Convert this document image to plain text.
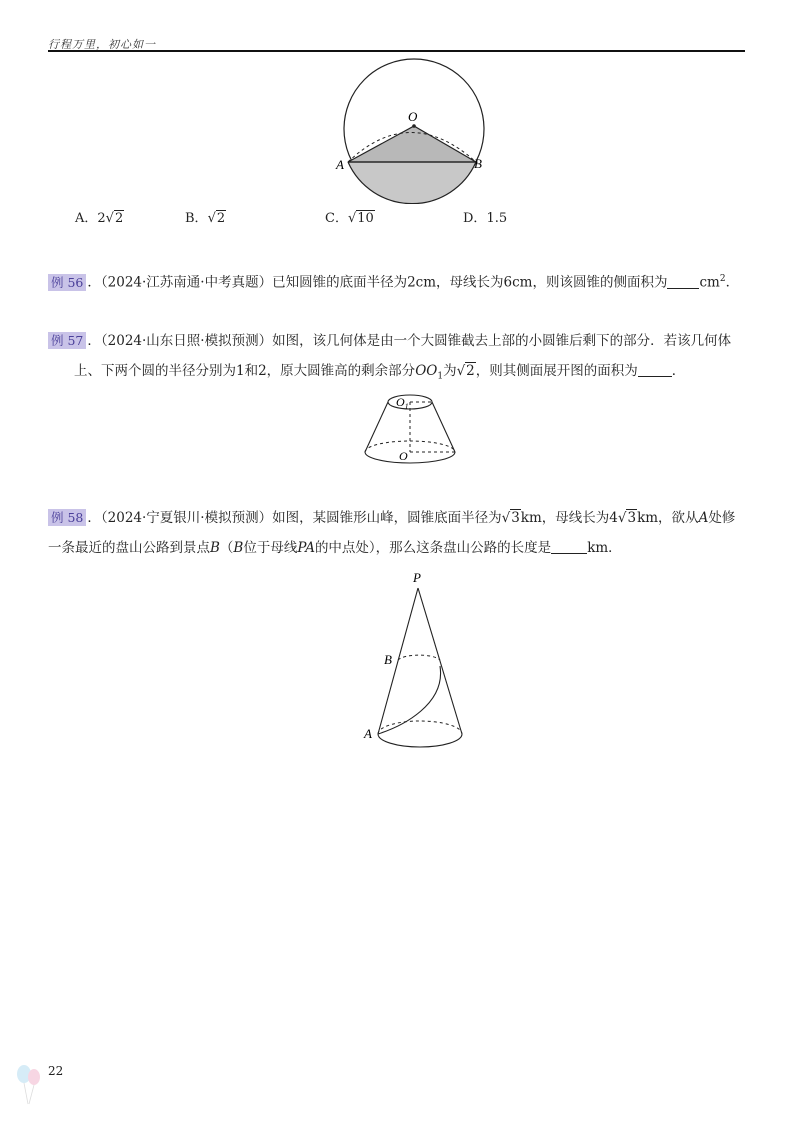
行程万里，初心如一
O
A	B
A．2√2	B．√2	C．√10	D．1.5

例 56 ．（2024·江苏南通·中考真题）已知圆锥的底面半径为2cm，母线长为6cm，则该圆锥的侧面积为 $cm^2$．

例 57 ．（2024·山东日照·模拟预测）如图，该几何体是由一个大圆锥截去上部的小圆锥后剩下的部分．若该几何体

上、下两个圆的半径分别为1和2，原大圆锥高的剩余部分$OO_1$为√2，则其侧面展开图的面积为	．

$O_1$
O

例 58 ．（2024·宁夏银川·模拟预测）如图，某圆锥形山峰，圆锥底面半径为√3km，母线长为4√3km，欲从A处修

一条最近的盘山公路到景点B（B位于母线PA的中点处），那么这条盘山公路的长度是	km．

P
B
A
22
